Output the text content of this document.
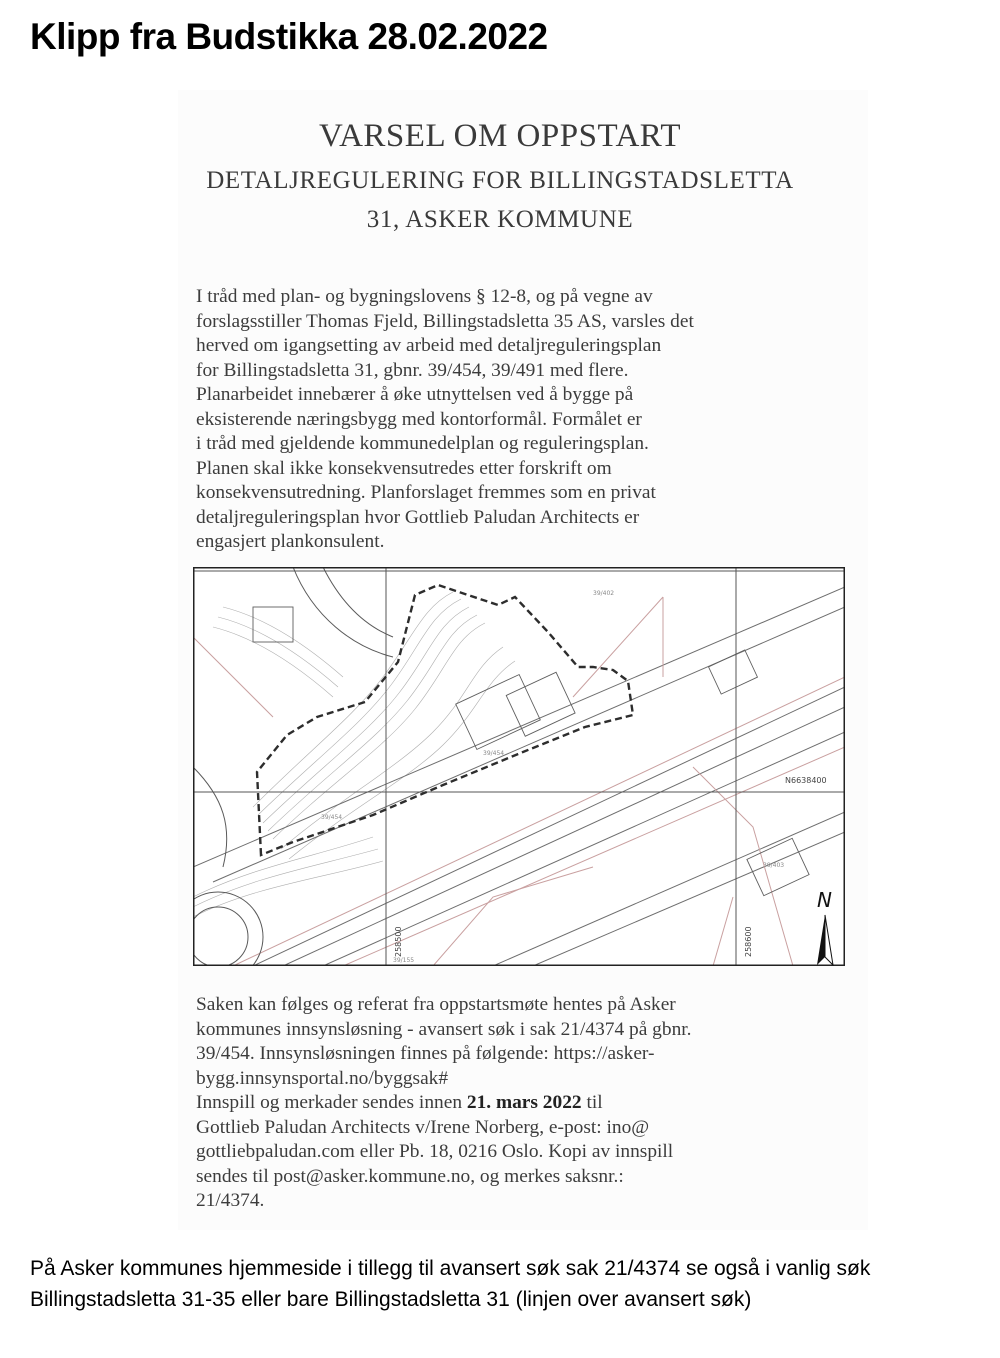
Klipp fra Budstikka 28.02.2022
VARSEL OM OPPSTART
DETALJREGULERING FOR BILLINGSTADSLETTA
31, ASKER KOMMUNE
I tråd med plan- og bygningslovens § 12-8, og på vegne av
forslagsstiller Thomas Fjeld, Billingstadsletta 35 AS, varsles det
herved om igangsetting av arbeid med detaljreguleringsplan
for Billingstadsletta 31, gbnr. 39/454, 39/491 med flere.
Planarbeidet innebærer å øke utnyttelsen ved å bygge på
eksisterende næringsbygg med kontorformål. Formålet er
i tråd med gjeldende kommunedelplan og reguleringsplan.
Planen skal ikke konsekvensutredes etter forskrift om
konsekvensutredning. Planforslaget fremmes som en privat
detaljreguleringsplan hvor Gottlieb Paludan Architects er
engasjert plankonsulent.
39/454
39/454
39/402
39/403
39/155
N6638400
258500	258600
N
Saken kan følges og referat fra oppstartsmøte hentes på Asker
kommunes innsynsløsning - avansert søk i sak 21/4374 på gbnr.
39/454. Innsynsløsningen finnes på følgende: https://asker-
bygg.innsynsportal.no/byggsak#
Innspill og merkader sendes innen 21. mars 2022 til
Gottlieb Paludan Architects v/Irene Norberg, e-post: ino@
gottliebpaludan.com eller Pb. 18, 0216 Oslo. Kopi av innspill
sendes til post@asker.kommune.no, og merkes saksnr.:
21/4374.
På Asker kommunes hjemmeside i tillegg til avansert søk sak 21/4374 se også i vanlig søk
Billingstadsletta 31-35 eller bare Billingstadsletta 31 (linjen over avansert søk)
